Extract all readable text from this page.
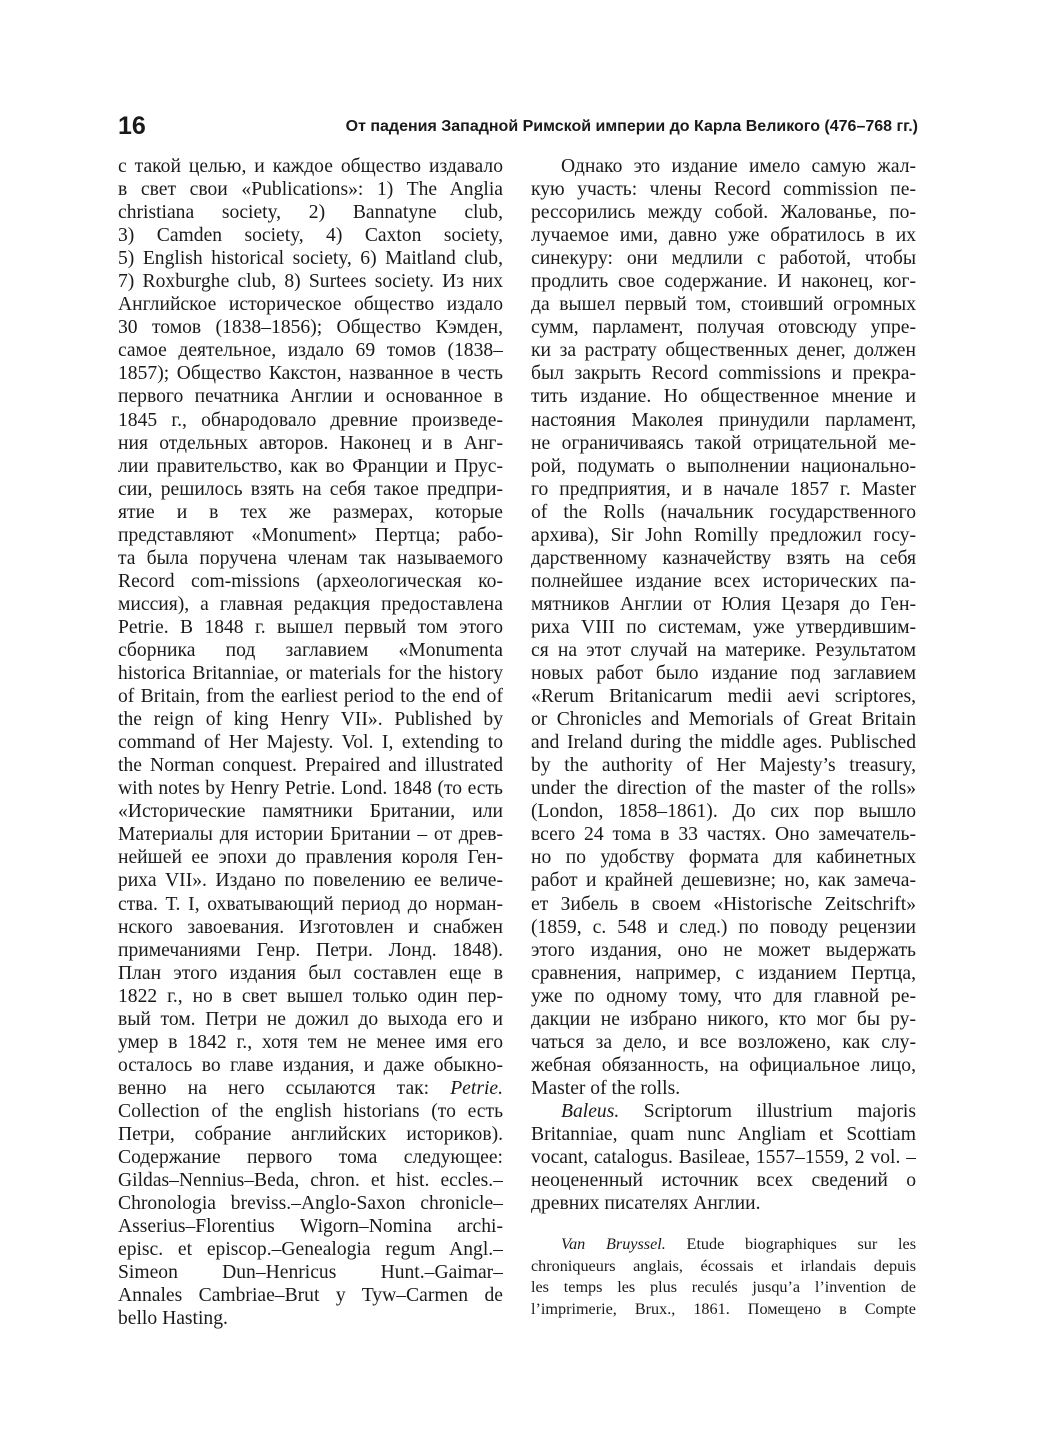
16	От падения Западной Римской империи до Карла Великого (476–768 гг.)
с такой целью, и каждое общество издавало
в свет свои «Publications»: 1) The Anglia
christiana society, 2) Bannatyne club,
3) Camden society, 4) Caxton society,
5) English historical society, 6) Maitland club,
7) Roxburghe club, 8) Surtees society. Из них
Английское историческое общество издало
30 томов (1838–1856); Общество Кэмден,
самое деятельное, издало 69 томов (1838–
1857); Общество Какстон, названное в честь
первого печатника Англии и основанное в
1845 г., обнародовало древние произведе-
ния отдельных авторов. Наконец и в Анг-
лии правительство, как во Франции и Прус-
сии, решилось взять на себя такое предпри-
ятие и в тех же размерах, которые
представляют «Monument» Пертца; рабо-
та была поручена членам так называемого
Record com-missions (археологическая ко-
миссия), а главная редакция предоставлена
Petrie. В 1848 г. вышел первый том этого
сборника под заглавием «Monumenta
historica Britanniae, or materials for the history
of Britain, from the earliest period to the end of
the reign of king Henry VII». Published by
command of Her Majesty. Vol. I, extending to
the Norman conquest. Prepaired and illustrated
with notes by Henry Petrie. Lond. 1848 (то есть
«Исторические памятники Британии, или
Материалы для истории Британии – от древ-
нейшей ее эпохи до правления короля Ген-
риха VII». Издано по повелению ее величе-
ства. Т. I, охватывающий период до норман-
нского завоевания. Изготовлен и снабжен
примечаниями Генр. Петри. Лонд. 1848).
План этого издания был составлен еще в
1822 г., но в свет вышел только один пер-
вый том. Петри не дожил до выхода его и
умер в 1842 г., хотя тем не менее имя его
осталось во главе издания, и даже обыкно-
венно на него ссылаются так: Petrie.
Collection of the english historians (то есть
Петри, собрание английских историков).
Содержание первого тома следующее:
Gildas–Nennius–Beda, chron. et hist. eccles.–
Chronologia breviss.–Anglo-Saxon chronicle–
Asserius–Florentius Wigorn–Nomina archi-
episc. et episcop.–Genealogia regum Angl.–
Simeon Dun–Henricus Hunt.–Gaimar–
Annales Cambriae–Brut y Tyw–Carmen de
bello Hasting.
Однако это издание имело самую жал-
кую участь: члены Record commission пе-
рессорились между собой. Жалованье, по-
лучаемое ими, давно уже обратилось в их
синекуру: они медлили с работой, чтобы
продлить свое содержание. И наконец, ког-
да вышел первый том, стоивший огромных
сумм, парламент, получая отовсюду упре-
ки за растрату общественных денег, должен
был закрыть Record commissions и прекра-
тить издание. Но общественное мнение и
настояния Маколея принудили парламент,
не ограничиваясь такой отрицательной ме-
рой, подумать о выполнении национально-
го предприятия, и в начале 1857 г. Master
of the Rolls (начальник государственного
архива), Sir John Romilly предложил госу-
дарственному казначейству взять на себя
полнейшее издание всех исторических па-
мятников Англии от Юлия Цезаря до Ген-
риха VIII по системам, уже утвердившим-
ся на этот случай на материке. Результатом
новых работ было издание под заглавием
«Rerum Britanicarum medii aevi scriptores,
or Chronicles and Memorials of Great Britain
and Ireland during the middle ages. Publisched
by the authority of Her Majesty’s treasury,
under the direction of the master of the rolls»
(London, 1858–1861). До сих пор вышло
всего 24 тома в 33 частях. Оно замечатель-
но по удобству формата для кабинетных
работ и крайней дешевизне; но, как замеча-
ет Зибель в своем «Historische Zeitschrift»
(1859, с. 548 и след.) по поводу рецензии
этого издания, оно не может выдержать
сравнения, например, с изданием Пертца,
уже по одному тому, что для главной ре-
дакции не избрано никого, кто мог бы ру-
чаться за дело, и все возложено, как слу-
жебная обязанность, на официальное лицо,
Master of the rolls.
Baleus. Scriptorum illustrium majoris
Britanniae, quam nunc Angliam et Scottiam
vocant, catalogus. Basileae, 1557–1559, 2 vol. –
неоцененный источник всех сведений о
древних писателях Англии.
Van Bruyssel. Etude biographiques sur les
chroniqueurs anglais, écossais et irlandais depuis
les temps les plus reculés jusqu’a l’invention de
l’imprimerie, Brux., 1861. Помещено в Compte
